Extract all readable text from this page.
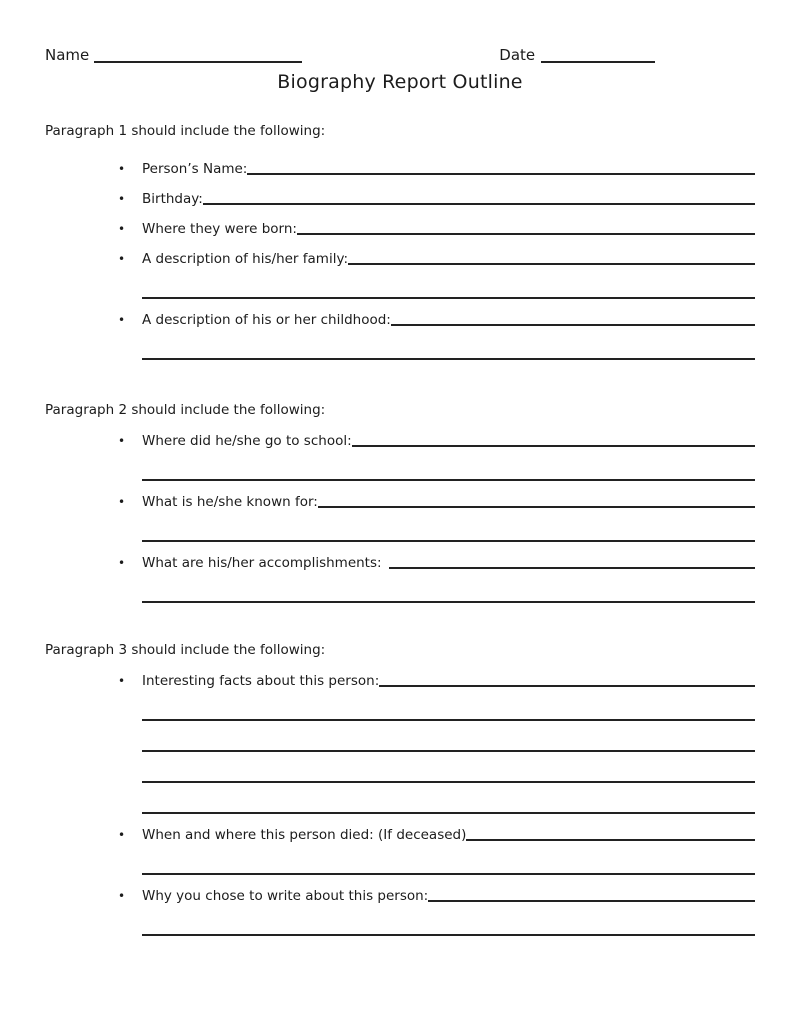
Name	Date
Biography Report Outline
Paragraph 1 should include the following:
•	Person’s Name:
•	Birthday:
•	Where they were born:
•	A description of his/her family:
•	A description of his or her childhood:
Paragraph 2 should include the following:
•	Where did he/she go to school:
•	What is he/she known for:
•	What are his/her accomplishments:
Paragraph 3 should include the following:
•	Interesting facts about this person:
•	When and where this person died: (If deceased)
•	Why you chose to write about this person:
